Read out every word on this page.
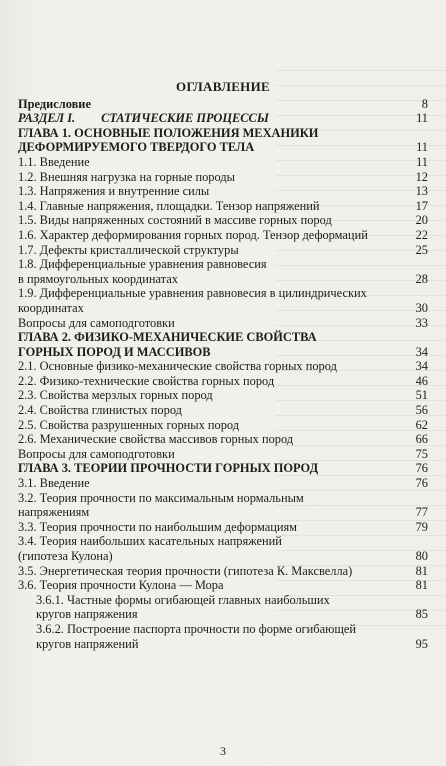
ОГЛАВЛЕНИЕ
Предисловие	8
РАЗДЕЛ I. СТАТИЧЕСКИЕ ПРОЦЕССЫ	11
ГЛАВА 1. ОСНОВНЫЕ ПОЛОЖЕНИЯ МЕХАНИКИ
ДЕФОРМИРУЕМОГО ТВЕРДОГО ТЕЛА	11
1.1. Введение	11
1.2. Внешняя нагрузка на горные породы	12
1.3. Напряжения и внутренние силы	13
1.4. Главные напряжения, площадки. Тензор напряжений	17
1.5. Виды напряженных состояний в массиве горных пород	20
1.6. Характер деформирования горных пород. Тензор деформаций	22
1.7. Дефекты кристаллической структуры	25
1.8. Дифференциальные уравнения равновесия
в прямоугольных координатах	28
1.9. Дифференциальные уравнения равновесия в цилиндрических
координатах	30
Вопросы для самоподготовки	33
ГЛАВА 2. ФИЗИКО-МЕХАНИЧЕСКИЕ СВОЙСТВА
ГОРНЫХ ПОРОД И МАССИВОВ	34
2.1. Основные физико-механические свойства горных пород	34
2.2. Физико-технические свойства горных пород	46
2.3. Свойства мерзлых горных пород	51
2.4. Свойства глинистых пород	56
2.5. Свойства разрушенных горных пород	62
2.6. Механические свойства массивов горных пород	66
Вопросы для самоподготовки	75
ГЛАВА 3. ТЕОРИИ ПРОЧНОСТИ ГОРНЫХ ПОРОД	76
3.1. Введение	76
3.2. Теория прочности по максимальным нормальным
напряжениям	77
3.3. Теория прочности по наибольшим деформациям	79
3.4. Теория наибольших касательных напряжений
(гипотеза Кулона)	80
3.5. Энергетическая теория прочности (гипотеза К. Максвелла)	81
3.6. Теория прочности Кулона — Мора	81
3.6.1. Частные формы огибающей главных наибольших
кругов напряжения	85
3.6.2. Построение паспорта прочности по форме огибающей
кругов напряжений	95
3
